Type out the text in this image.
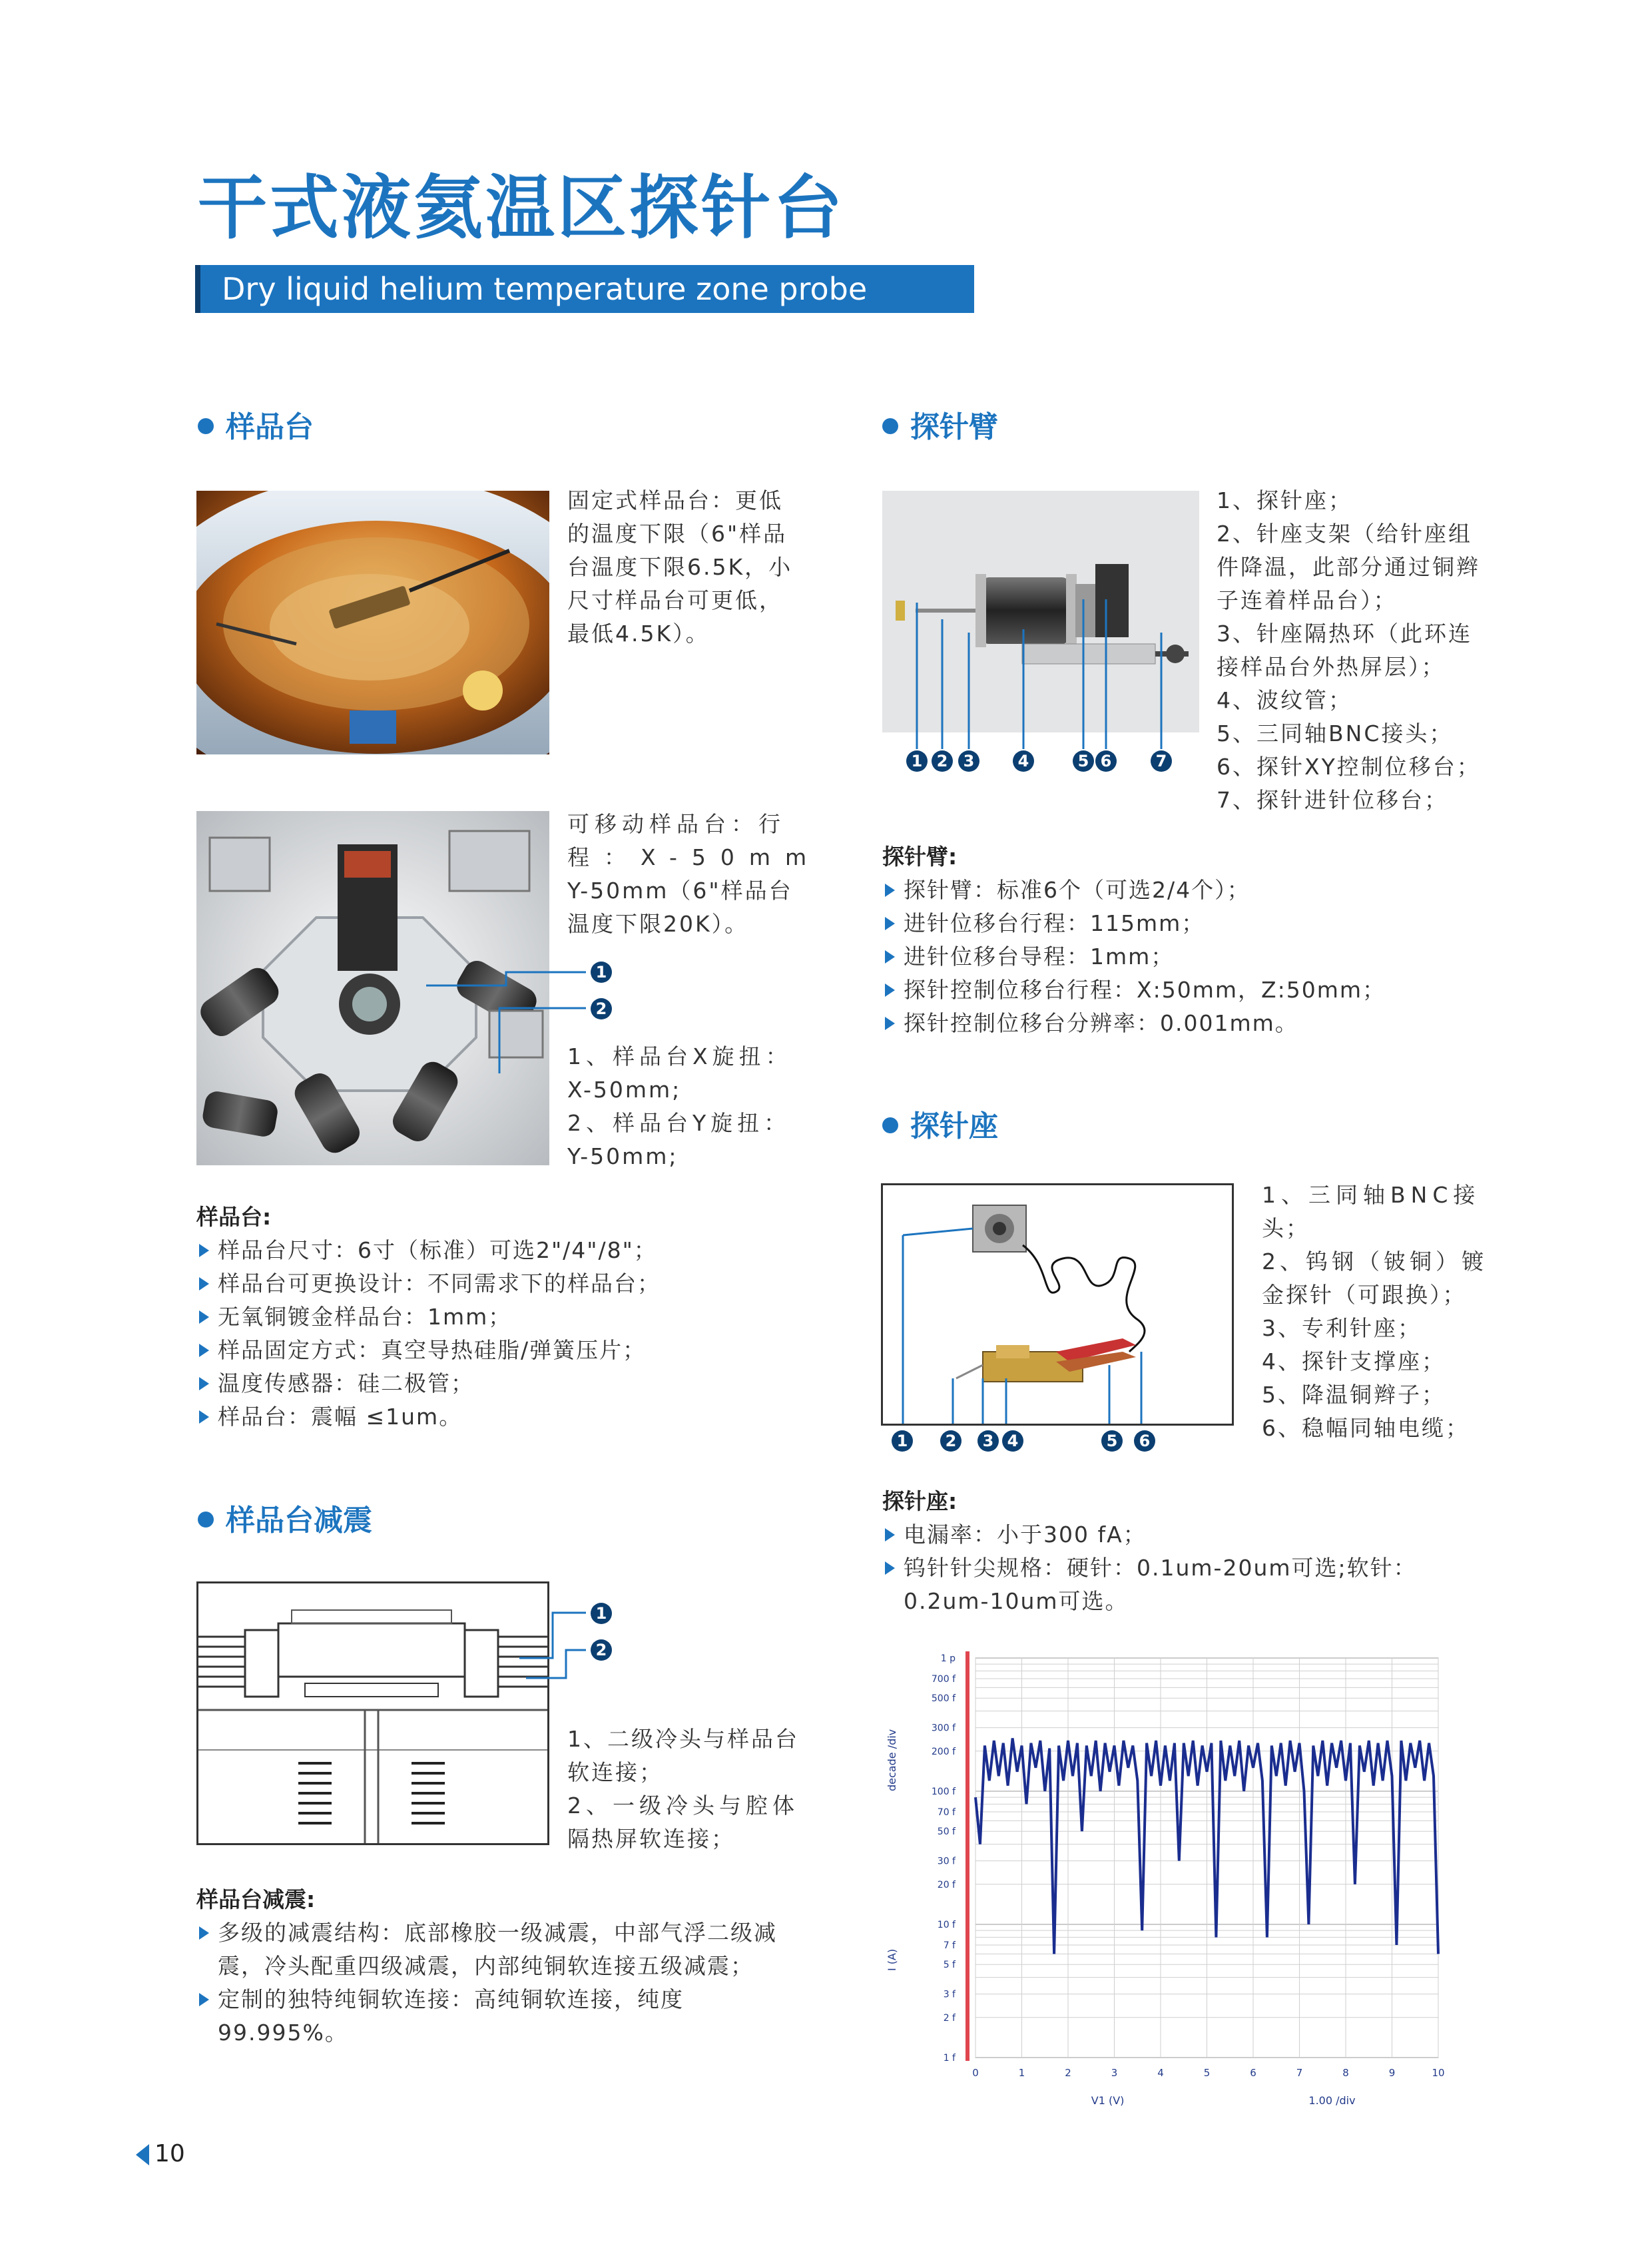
干式液氦温区探针台
Dry liquid helium temperature zone probe station
样品台
固定式样品台：更低
的温度下限（6"样品
台温度下限6.5K，小
尺寸样品台可更低，
最低4.5K）。
1
2
可移动样品台：行
程：X-50mm
Y-50mm（6"样品台
温度下限20K）。
1、样品台X旋扭：
X-50mm;
2、样品台Y旋扭：
Y-50mm;
样品台:
样品台尺寸：6寸（标准）可选2"/4"/8"；
样品台可更换设计：不同需求下的样品台；
无氧铜镀金样品台：1mm；
样品固定方式：真空导热硅脂/弹簧压片；
温度传感器：硅二极管；
样品台：震幅 ≤1um。
样品台减震
1
2
1、二级冷头与样品台
软连接；
2、一级冷头与腔体
隔热屏软连接；
样品台减震:
多级的减震结构：底部橡胶一级减震，中部气浮二级减
震，冷头配重四级减震，内部纯铜软连接五级减震；
定制的独特纯铜软连接：高纯铜软连接，纯度
99.995%。
探针臂
1 2 3	4	5 6	7
1、探针座；
2、针座支架（给针座组
件降温，此部分通过铜辫
子连着样品台）；
3、针座隔热环（此环连
接样品台外热屏层）；
4、波纹管；
5、三同轴BNC接头；
6、探针XY控制位移台；
7、探针进针位移台；
探针臂:
探针臂：标准6个（可选2/4个）；
进针位移台行程：115mm；
进针位移台导程：1mm；
探针控制位移台行程：X:50mm，Z:50mm；
探针控制位移台分辨率：0.001mm。
探针座
1	2	3 4	5	6
1、三同轴BNC接
头；
2、钨钢（铍铜）镀
金探针（可跟换）；
3、专利针座；
4、探针支撑座；
5、降温铜辫子；
6、稳幅同轴电缆；
探针座:
电漏率：小于300 fA；
钨针针尖规格：硬针：0.1um-20um可选;软针：
0.2um-10um可选。
1 p
700 f
500 f
300 f
200 f
100 f
70 f
50 f
30 f
20 f
10 f
7 f
5 f
3 f
2 f
1 f
0	1	2	3	4	5	6	7	8	9	10
I (A)
decade /div
V1 (V)	1.00 /div
10
